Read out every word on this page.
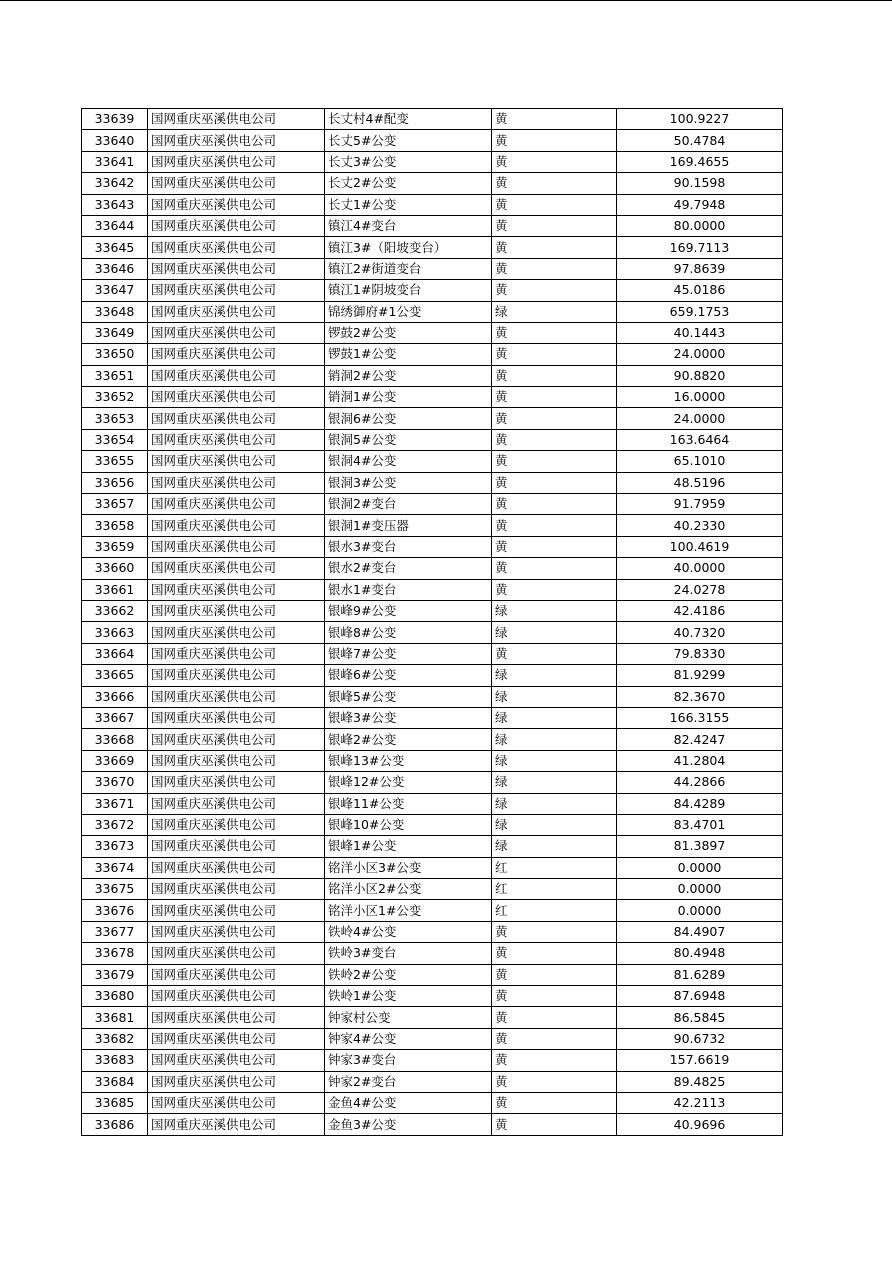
33639	国网重庆巫溪供电公司	长丈村4#配变	黄	100.9227
33640	国网重庆巫溪供电公司	长丈5#公变	黄	50.4784
33641	国网重庆巫溪供电公司	长丈3#公变	黄	169.4655
33642	国网重庆巫溪供电公司	长丈2#公变	黄	90.1598
33643	国网重庆巫溪供电公司	长丈1#公变	黄	49.7948
33644	国网重庆巫溪供电公司	镇江4#变台	黄	80.0000
33645	国网重庆巫溪供电公司	镇江3#（阳坡变台）	黄	169.7113
33646	国网重庆巫溪供电公司	镇江2#街道变台	黄	97.8639
33647	国网重庆巫溪供电公司	镇江1#阴坡变台	黄	45.0186
33648	国网重庆巫溪供电公司	锦绣御府#1公变	绿	659.1753
33649	国网重庆巫溪供电公司	锣鼓2#公变	黄	40.1443
33650	国网重庆巫溪供电公司	锣鼓1#公变	黄	24.0000
33651	国网重庆巫溪供电公司	销洞2#公变	黄	90.8820
33652	国网重庆巫溪供电公司	销洞1#公变	黄	16.0000
33653	国网重庆巫溪供电公司	银洞6#公变	黄	24.0000
33654	国网重庆巫溪供电公司	银洞5#公变	黄	163.6464
33655	国网重庆巫溪供电公司	银洞4#公变	黄	65.1010
33656	国网重庆巫溪供电公司	银洞3#公变	黄	48.5196
33657	国网重庆巫溪供电公司	银洞2#变台	黄	91.7959
33658	国网重庆巫溪供电公司	银洞1#变压器	黄	40.2330
33659	国网重庆巫溪供电公司	银水3#变台	黄	100.4619
33660	国网重庆巫溪供电公司	银水2#变台	黄	40.0000
33661	国网重庆巫溪供电公司	银水1#变台	黄	24.0278
33662	国网重庆巫溪供电公司	银峰9#公变	绿	42.4186
33663	国网重庆巫溪供电公司	银峰8#公变	绿	40.7320
33664	国网重庆巫溪供电公司	银峰7#公变	黄	79.8330
33665	国网重庆巫溪供电公司	银峰6#公变	绿	81.9299
33666	国网重庆巫溪供电公司	银峰5#公变	绿	82.3670
33667	国网重庆巫溪供电公司	银峰3#公变	绿	166.3155
33668	国网重庆巫溪供电公司	银峰2#公变	绿	82.4247
33669	国网重庆巫溪供电公司	银峰13#公变	绿	41.2804
33670	国网重庆巫溪供电公司	银峰12#公变	绿	44.2866
33671	国网重庆巫溪供电公司	银峰11#公变	绿	84.4289
33672	国网重庆巫溪供电公司	银峰10#公变	绿	83.4701
33673	国网重庆巫溪供电公司	银峰1#公变	绿	81.3897
33674	国网重庆巫溪供电公司	铭洋小区3#公变	红	0.0000
33675	国网重庆巫溪供电公司	铭洋小区2#公变	红	0.0000
33676	国网重庆巫溪供电公司	铭洋小区1#公变	红	0.0000
33677	国网重庆巫溪供电公司	铁岭4#公变	黄	84.4907
33678	国网重庆巫溪供电公司	铁岭3#变台	黄	80.4948
33679	国网重庆巫溪供电公司	铁岭2#公变	黄	81.6289
33680	国网重庆巫溪供电公司	铁岭1#公变	黄	87.6948
33681	国网重庆巫溪供电公司	钟家村公变	黄	86.5845
33682	国网重庆巫溪供电公司	钟家4#公变	黄	90.6732
33683	国网重庆巫溪供电公司	钟家3#变台	黄	157.6619
33684	国网重庆巫溪供电公司	钟家2#变台	黄	89.4825
33685	国网重庆巫溪供电公司	金鱼4#公变	黄	42.2113
33686	国网重庆巫溪供电公司	金鱼3#公变	黄	40.9696
